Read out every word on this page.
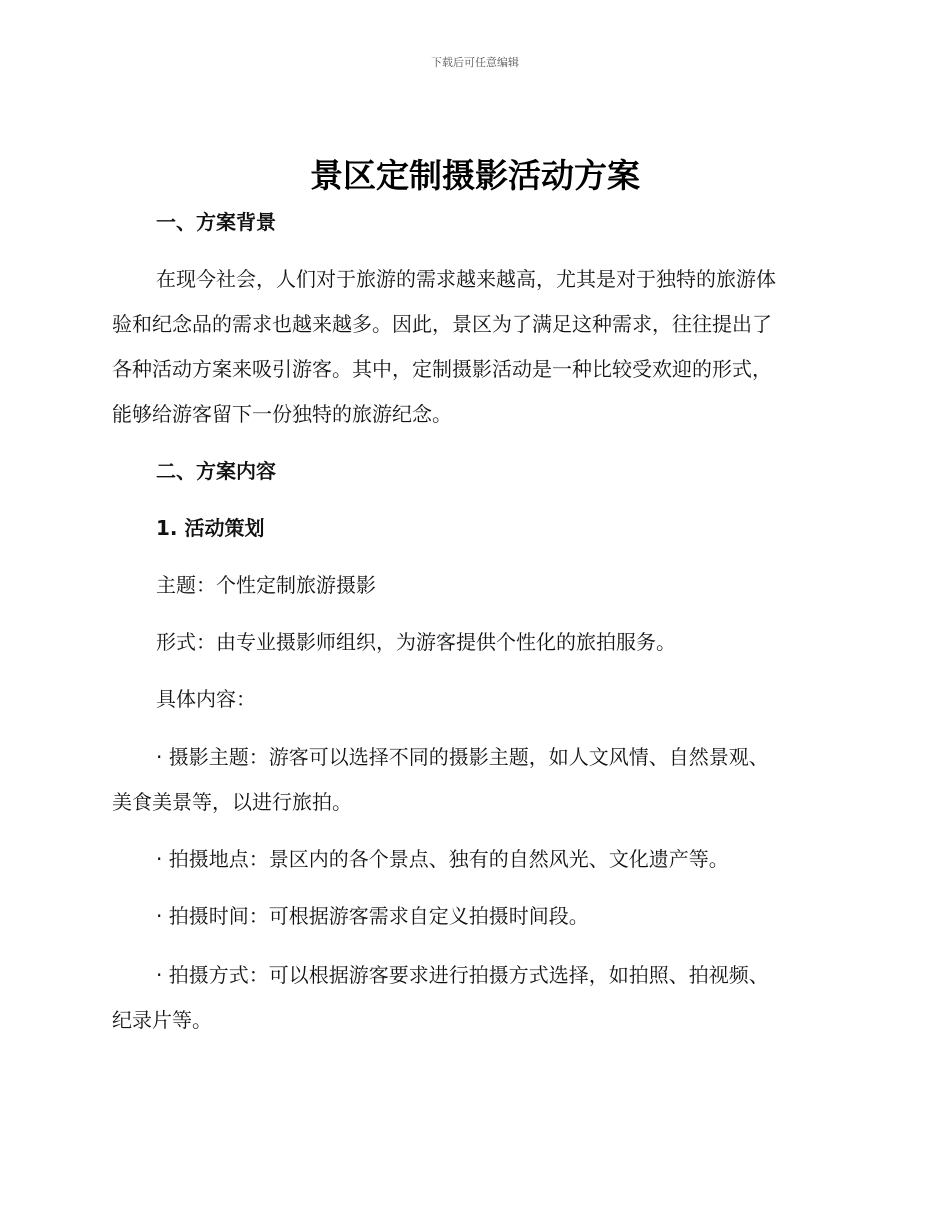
下载后可任意编辑
景区定制摄影活动方案
一、方案背景
在现今社会，人们对于旅游的需求越来越高，尤其是对于独特的旅游体
验和纪念品的需求也越来越多。因此，景区为了满足这种需求，往往提出了
各种活动方案来吸引游客。其中，定制摄影活动是一种比较受欢迎的形式，
能够给游客留下一份独特的旅游纪念。
二、方案内容
1. 活动策划
主题：个性定制旅游摄影
形式：由专业摄影师组织，为游客提供个性化的旅拍服务。
具体内容：
· 摄影主题：游客可以选择不同的摄影主题，如人文风情、自然景观、
美食美景等，以进行旅拍。
· 拍摄地点：景区内的各个景点、独有的自然风光、文化遗产等。
· 拍摄时间：可根据游客需求自定义拍摄时间段。
· 拍摄方式：可以根据游客要求进行拍摄方式选择，如拍照、拍视频、
纪录片等。
